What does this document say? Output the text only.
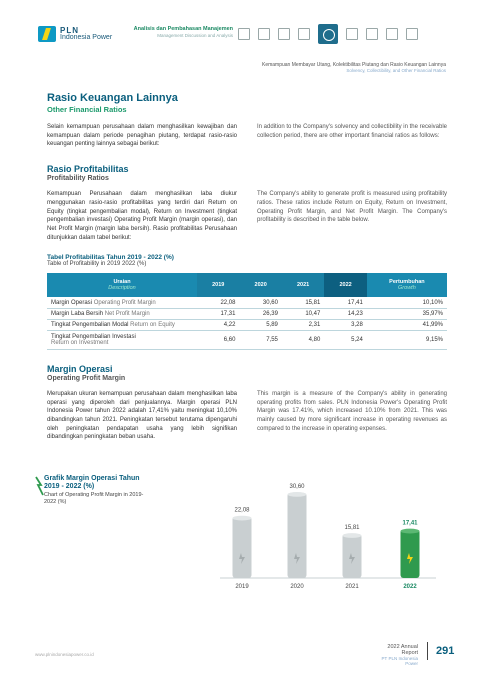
PLN
Indonesia Power
Analisis dan Pembahasan Manajemen
Management Discussion and Analysis
Kemampuan Membayar Utang, Kolektibilitas Piutang dan Rasio Keuangan Lainnya
Solvency, Collectibility, and Other Financial Ratios
Rasio Keuangan Lainnya
Other Financial Ratios

Selain kemampuan perusahaan dalam menghasilkan kewajiban dan kemampuan dalam periode penagihan piutang, terdapat rasio-rasio keuangan penting lainnya sebagai berikut:

In addition to the Company's solvency and collectibility in the receivable collection period, there are other important financial ratios as follows:

Rasio Profitabilitas
Profitability Ratios

Kemampuan Perusahaan dalam menghasilkan laba diukur menggunakan rasio-rasio profitabilitas yang terdiri dari Return on Equity (tingkat pengembalian modal), Return on Investment (tingkat pengembalian investasi) Operating Profit Margin (margin operasi), dan Net Profit Margin (margin laba bersih). Rasio profitabilitas Perusahaan ditunjukkan dalam tabel berikut:

The Company's ability to generate profit is measured using profitability ratios. These ratios include Return on Equity, Return on Investment, Operating Profit Margin, and Net Profit Margin. The Company's profitability is described in the table below.

Tabel Profitabilitas Tahun 2019 - 2022 (%)
Table of Profitability in 2019 2022 (%)
Uraian
Description	2019	2020	2021	2022	Pertumbuhan
Growth

Margin Operasi Operating Profit Margin	22,08	30,60	15,81	17,41	10,10%
Margin Laba Bersih Net Profit Margin	17,31	26,39	10,47	14,23	35,97%
Tingkat Pengembalian Modal Return on Equity	4,22	5,89	2,31	3,28	41,99%
Tingkat Pengembalian Investasi
Return on Investment	6,60	7,55	4,80	5,24	9,15%
Margin Operasi
Operating Profit Margin

Merupakan ukuran kemampuan perusahaan dalam menghasilkan laba operasi yang diperoleh dari penjualannya. Margin operasi PLN Indonesia Power tahun 2022 adalah 17,41% yaitu meningkat 10,10% dibandingkan tahun 2021. Peningkatan tersebut terutama dipengaruhi oleh peningkatan pendapatan usaha yang lebih signifikan dibandingkan peningkatan beban usaha.

This margin is a measure of the Company's ability in generating operating profits from sales. PLN Indonesia Power's Operating Profit Margin was 17.41%, which increased 10.10% from 2021. This was mainly caused by more significant increase in operating revenues as compared to the increase in operating expenses.

Grafik Margin Operasi Tahun 2019 - 2022 (%)
Chart of Operating Profit Margin in 2019-2022 (%)
22,08
2019
30,60
2020
15,81
2021
17,41
2022
www.plnindonesiapower.co.id
2022 Annual Report
PT PLN Indonesia Power
291
